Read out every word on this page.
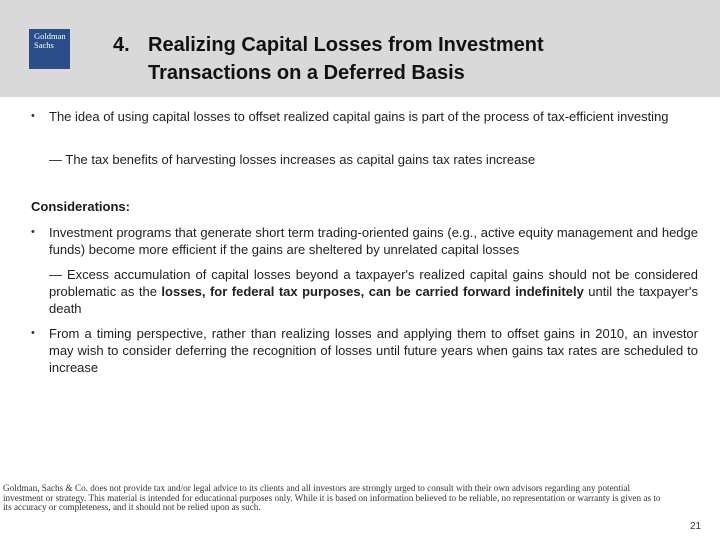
Goldman
Sachs	4. Realizing Capital Losses from Investment
Transactions on a Deferred Basis
• The idea of using capital losses to offset realized capital gains is part of the process of tax-efficient investing
— The tax benefits of harvesting losses increases as capital gains tax rates increase
Considerations:
• Investment programs that generate short term trading-oriented gains (e.g., active equity management and hedge funds) become more efficient if the gains are sheltered by unrelated capital losses
— Excess accumulation of capital losses beyond a taxpayer's realized capital gains should not be considered problematic as the losses, for federal tax purposes, can be carried forward indefinitely until the taxpayer's death
• From a timing perspective, rather than realizing losses and applying them to offset gains in 2010, an investor may wish to consider deferring the recognition of losses until future years when gains tax rates are scheduled to increase
Goldman, Sachs & Co. does not provide tax and/or legal advice to its clients and all investors are strongly urged to consult with their own advisors regarding any potential investment or strategy. This material is intended for educational purposes only. While it is based on information believed to be reliable, no representation or warranty is given as to its accuracy or completeness, and it should not be relied upon as such.
21
